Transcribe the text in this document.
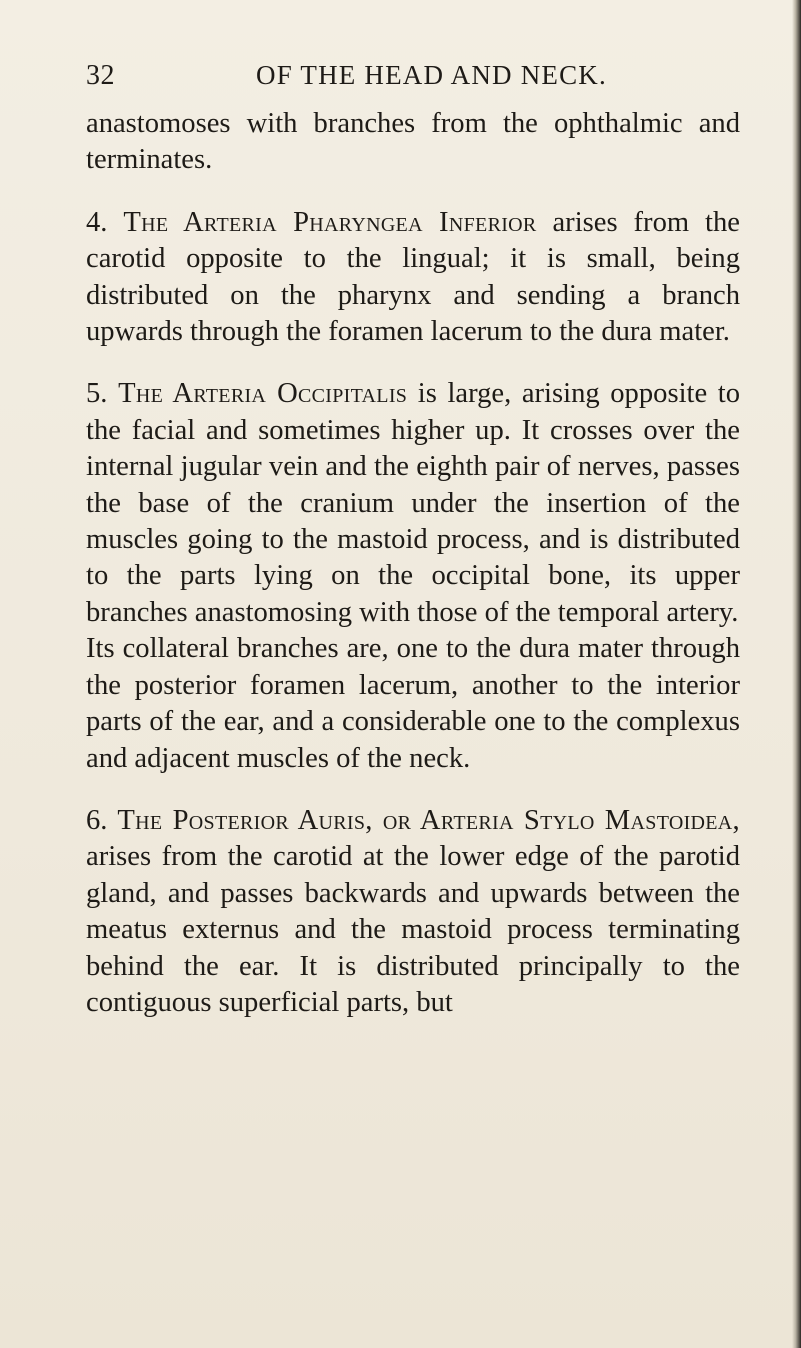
32	OF THE HEAD AND NECK.

anastomoses with branches from the ophthalmic and terminates.

4. The Arteria Pharyngea Inferior arises from the carotid opposite to the lingual; it is small, being distributed on the pharynx and sending a branch upwards through the foramen lacerum to the dura mater.

5. The Arteria Occipitalis is large, arising opposite to the facial and sometimes higher up. It crosses over the internal jugular vein and the eighth pair of nerves, passes the base of the cranium under the insertion of the muscles going to the mastoid process, and is distributed to the parts lying on the occipital bone, its upper branches anastomosing with those of the temporal artery.

Its collateral branches are, one to the dura mater through the posterior foramen lacerum, another to the interior parts of the ear, and a considerable one to the complexus and adjacent muscles of the neck.

6. The Posterior Auris, or Arteria Stylo Mastoidea, arises from the carotid at the lower edge of the parotid gland, and passes backwards and upwards between the meatus externus and the mastoid process terminating behind the ear. It is distributed principally to the contiguous superficial parts, but
